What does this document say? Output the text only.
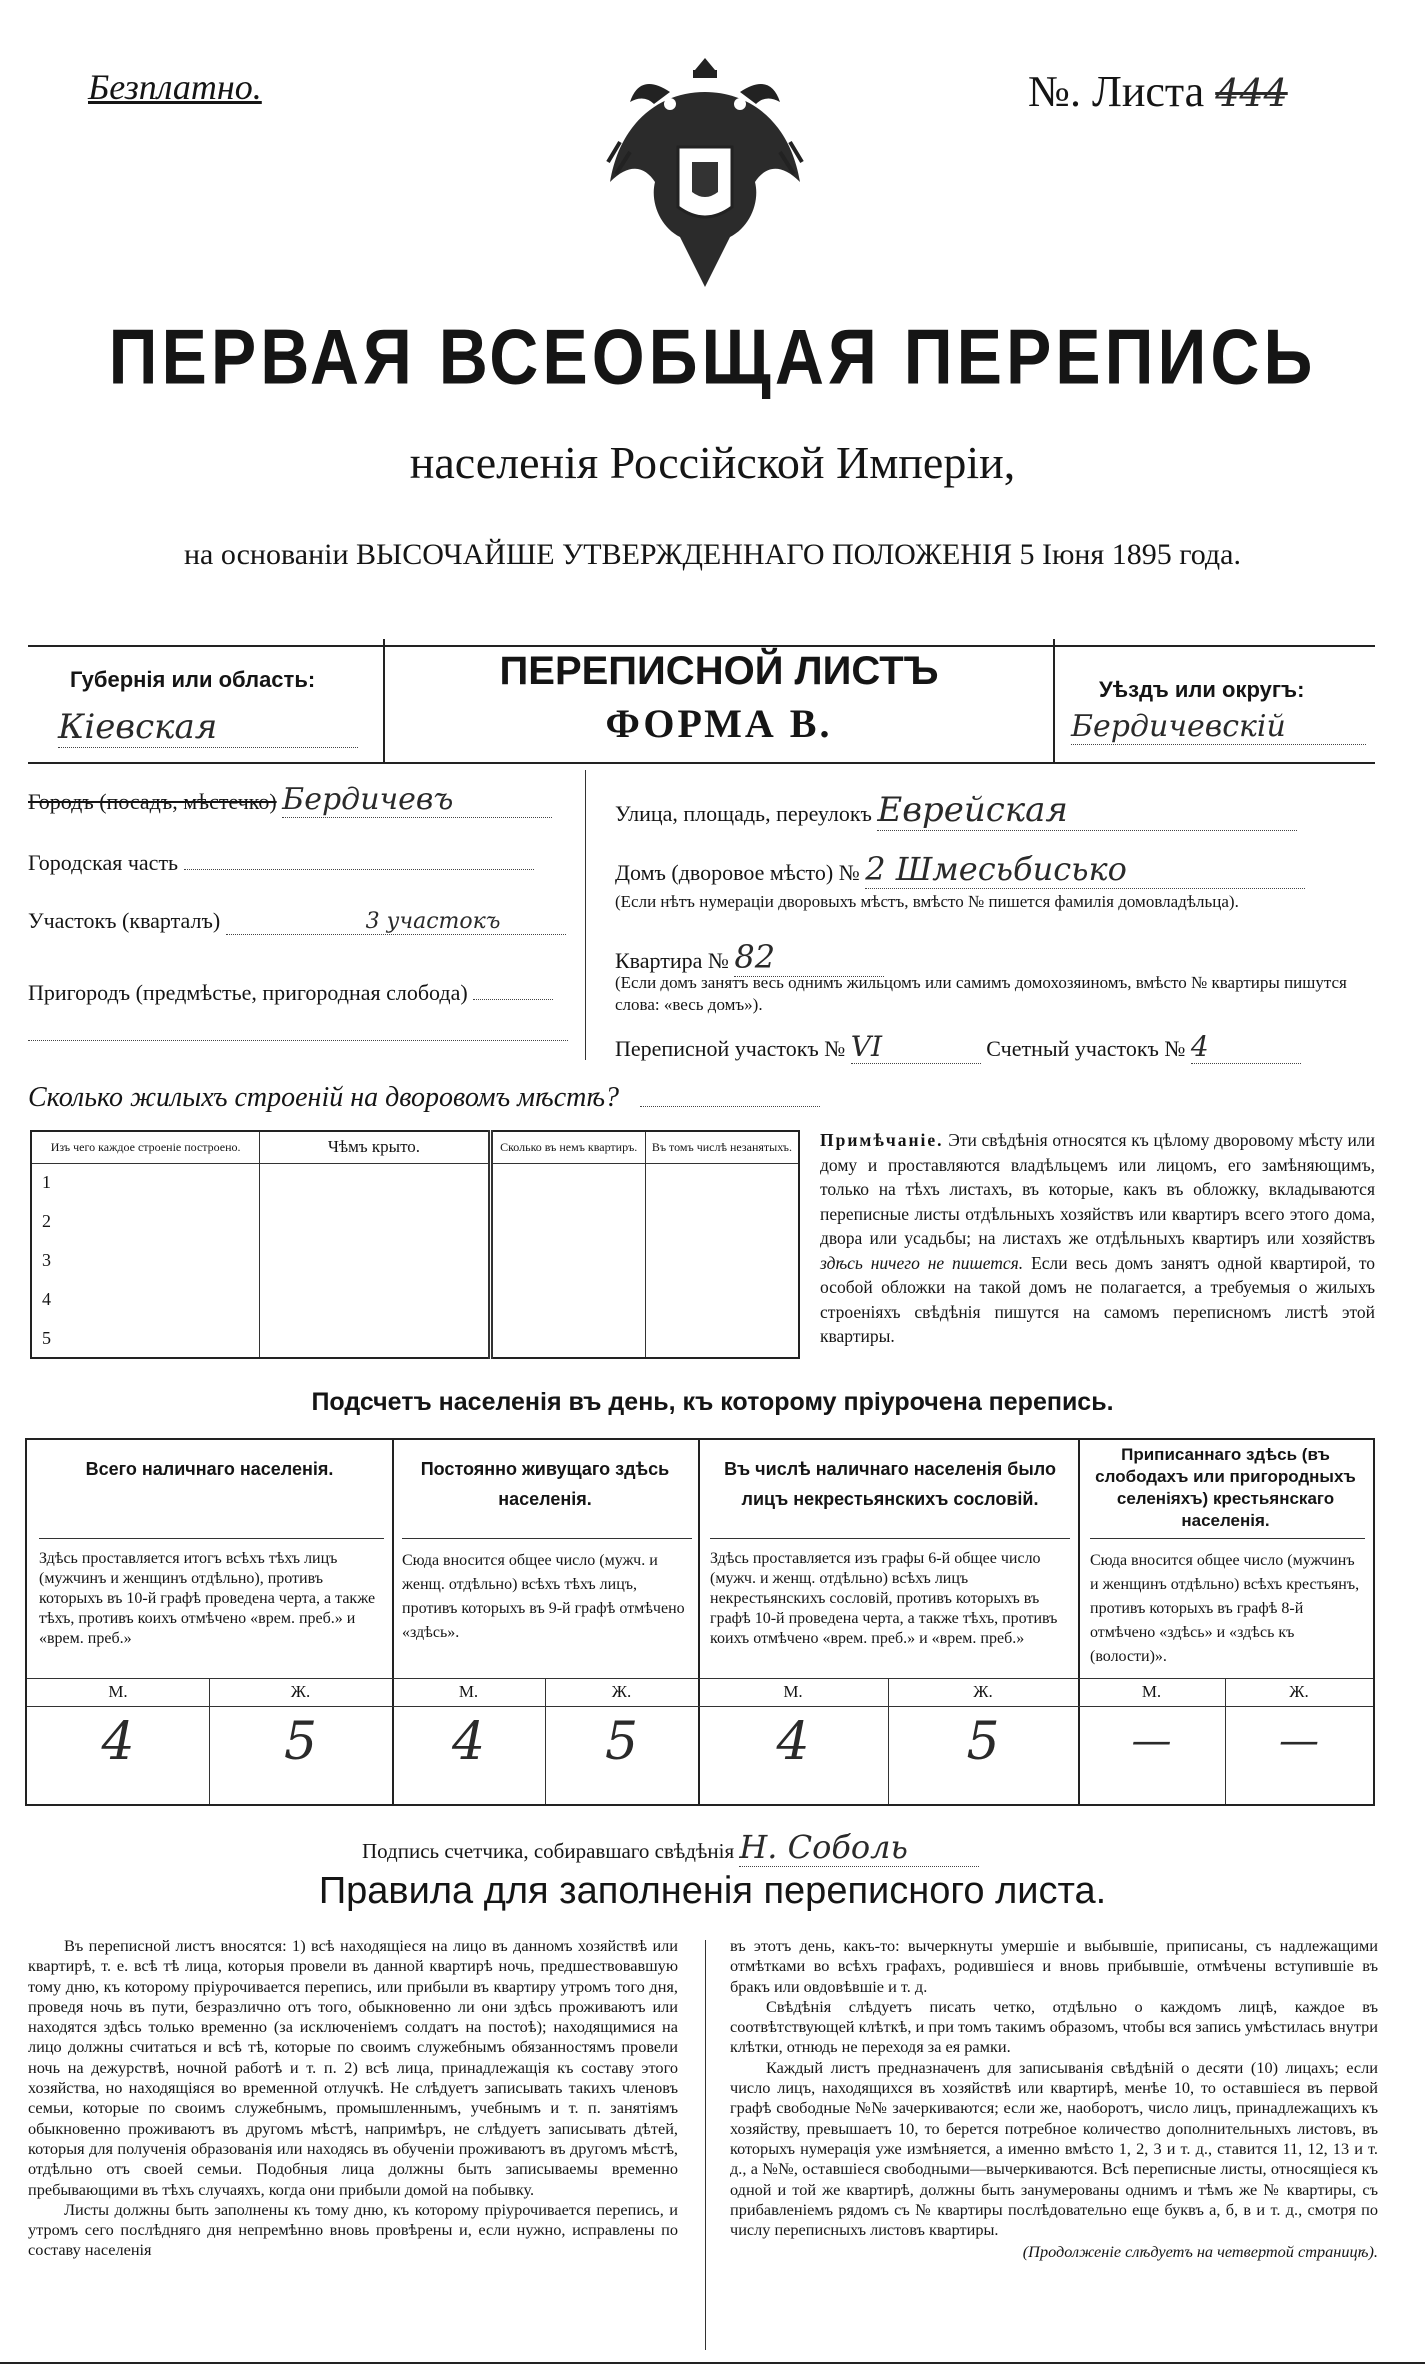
Безплатно.	№. Листа 444
ПЕРВАЯ ВСЕОБЩАЯ ПЕРЕПИСЬ
населенія Россійской Имперіи,
на основаніи ВЫСОЧАЙШЕ УТВЕРЖДЕННАГО ПОЛОЖЕНІЯ 5 Іюня 1895 года.
Губернія или область:
Кіевская
ПЕРЕПИСНОЙ ЛИСТЪ
ФОРМА В.
Уѣздъ или округъ:
Бердичевскій
Городъ (посадъ, мѣстечко) Бердичевъ
Городская часть
Участокъ (кварталъ)	3 участокъ
Пригородъ (предмѣстье, пригородная слобода)
Улица, площадь, переулокъ Еврейская
Домъ (дворовое мѣсто) № 2 Шмесьбисько
(Если нѣтъ нумераціи дворовыхъ мѣстъ, вмѣсто № пишется фамилія домовладѣльца).
Квартира № 82
(Если домъ занятъ весь однимъ жильцомъ или самимъ домохозяиномъ, вмѣсто № квартиры пишутся слова: «весь домъ»).
Переписной участокъ № VI	Счетный участокъ № 4
Сколько жилыхъ строеній на дворовомъ мѣстѣ?
Изъ чего каждое строеніе построено.	Чѣмъ крыто.	Сколько въ немъ квартиръ.	Въ томъ числѣ незанятыхъ.
1			
2			
3			
4			
5			
Примѣчаніе. Эти свѣдѣнія относятся къ цѣлому дворовому мѣсту или дому и проставляются владѣльцемъ или лицомъ, его замѣняющимъ, только на тѣхъ листахъ, въ которые, какъ въ обложку, вкладываются переписные листы отдѣльныхъ хозяйствъ или квартиръ всего этого дома, двора или усадьбы; на листахъ же отдѣльныхъ квартиръ или хозяйствъ здѣсь ничего не пишется. Если весь домъ занятъ одной квартирой, то особой обложки на такой домъ не полагается, а требуемыя о жилыхъ строеніяхъ свѣдѣнія пишутся на самомъ переписномъ листѣ этой квартиры.
Подсчетъ населенія въ день, къ которому пріурочена перепись.
Всего наличнаго населенія.
Здѣсь проставляется итогъ всѣхъ тѣхъ лицъ (мужчинъ и женщинъ отдѣльно), противъ которыхъ въ 10-й графѣ проведена черта, а также тѣхъ, противъ коихъ отмѣчено «врем. преб.» и «врем. преб.»
Постоянно живущаго здѣсь населенія.
Сюда вносится общее число (мужч. и женщ. отдѣльно) всѣхъ тѣхъ лицъ, противъ которыхъ въ 9-й графѣ отмѣчено «здѣсь».
Въ числѣ наличнаго населенія было лицъ некрестьянскихъ сословій.
Здѣсь проставляется изъ графы 6-й общее число (мужч. и женщ. отдѣльно) всѣхъ лицъ некрестьянскихъ сословій, противъ которыхъ въ графѣ 10-й проведена черта, а также тѣхъ, противъ коихъ отмѣчено «врем. преб.» и «врем. преб.»
Приписаннаго здѣсь (въ слободахъ или пригородныхъ селеніяхъ) крестьянскаго населенія.
Сюда вносится общее число (мужчинъ и женщинъ отдѣльно) всѣхъ крестьянъ, противъ которыхъ въ графѣ 8-й отмѣчено «здѣсь» и «здѣсь къ (волости)».
М.	Ж.	М.	Ж.	М.	Ж.	М.	Ж.
4	5	4	5	4	5	—	—
Подпись счетчика, собиравшаго свѣдѣнія Н. Соболь
Правила для заполненія переписного листа.

Въ переписной листъ вносятся: 1) всѣ находящіеся на лицо въ данномъ хозяйствѣ или квартирѣ, т. е. всѣ тѣ лица, которыя провели въ данной квартирѣ ночь, предшествовавшую тому дню, къ которому пріурочивается перепись, или прибыли въ квартиру утромъ того дня, проведя ночь въ пути, безразлично отъ того, обыкновенно ли они здѣсь проживаютъ или находятся здѣсь только временно (за исключеніемъ солдатъ на постоѣ); находящимися на лицо должны считаться и всѣ тѣ, которые по своимъ служебнымъ обязанностямъ провели ночь на дежурствѣ, ночной работѣ и т. п. 2) всѣ лица, принадлежащія къ составу этого хозяйства, но находящіяся во временной отлучкѣ. Не слѣдуетъ записывать такихъ членовъ семьи, которые по своимъ служебнымъ, промышленнымъ, учебнымъ и т. п. занятіямъ обыкновенно проживаютъ въ другомъ мѣстѣ, напримѣръ, не слѣдуетъ записывать дѣтей, которыя для полученія образованія или находясь въ обученіи проживаютъ въ другомъ мѣстѣ, отдѣльно отъ своей семьи. Подобныя лица должны быть записываемы временно пребывающими въ тѣхъ случаяхъ, когда они прибыли домой на побывку.

Листы должны быть заполнены къ тому дню, къ которому пріурочивается перепись, и утромъ сего послѣдняго дня непремѣнно вновь провѣрены и, если нужно, исправлены по составу населенія

въ этотъ день, какъ-то: вычеркнуты умершіе и выбывшіе, приписаны, съ надлежащими отмѣтками во всѣхъ графахъ, родившіеся и вновь прибывшіе, отмѣчены вступившіе въ бракъ или овдовѣвшіе и т. д.

Свѣдѣнія слѣдуетъ писать четко, отдѣльно о каждомъ лицѣ, каждое въ соотвѣтствующей клѣткѣ, и при томъ такимъ образомъ, чтобы вся запись умѣстилась внутри клѣтки, отнюдь не переходя за ея рамки.

Каждый листъ предназначенъ для записыванія свѣдѣній о десяти (10) лицахъ; если число лицъ, находящихся въ хозяйствѣ или квартирѣ, менѣе 10, то оставшіеся въ первой графѣ свободные №№ зачеркиваются; если же, наоборотъ, число лицъ, принадлежащихъ къ хозяйству, превышаетъ 10, то берется потребное количество дополнительныхъ листовъ, въ которыхъ нумерація уже измѣняется, а именно вмѣсто 1, 2, 3 и т. д., ставится 11, 12, 13 и т. д., а №№, оставшіеся свободными—вычеркиваются. Всѣ переписные листы, относящіеся къ одной и той же квартирѣ, должны быть занумерованы однимъ и тѣмъ же № квартиры, съ прибавленіемъ рядомъ съ № квартиры послѣдовательно еще буквъ а, б, в и т. д., смотря по числу переписныхъ листовъ квартиры.

(Продолженіе слѣдуетъ на четвертой страницѣ).
